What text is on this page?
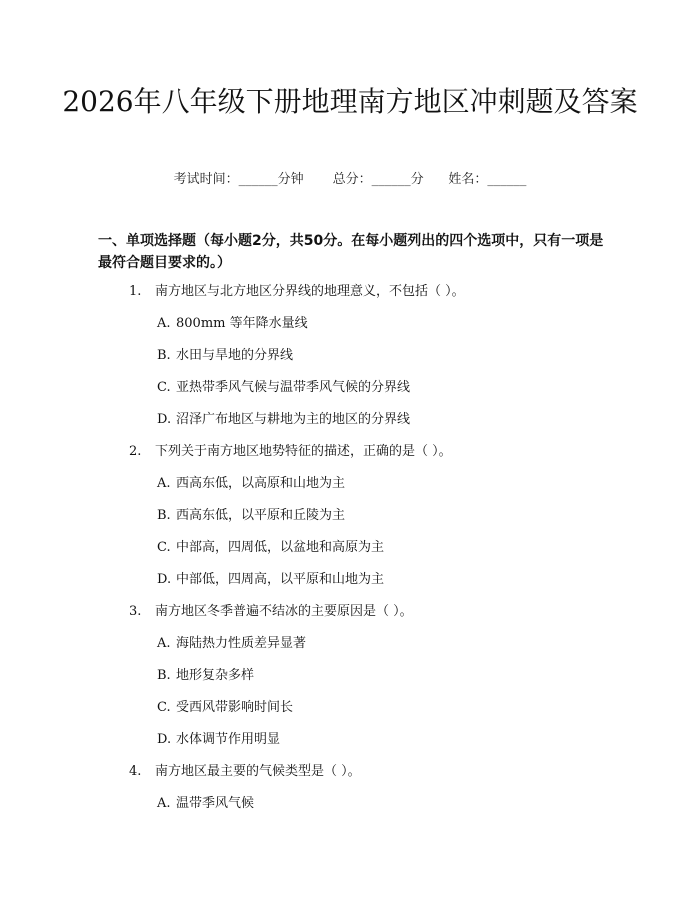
2026年八年级下册地理南方地区冲刺题及答案
考试时间：______分钟 总分：______分 姓名：______
一、单项选择题（每小题2分，共50分。在每小题列出的四个选项中，只有一项是最符合题目要求的。）
1. 南方地区与北方地区分界线的地理意义，不包括（ ）。
A. 800mm 等年降水量线
B. 水田与旱地的分界线
C. 亚热带季风气候与温带季风气候的分界线
D. 沼泽广布地区与耕地为主的地区的分界线
2. 下列关于南方地区地势特征的描述，正确的是（ ）。
A. 西高东低，以高原和山地为主
B. 西高东低，以平原和丘陵为主
C. 中部高，四周低，以盆地和高原为主
D. 中部低，四周高，以平原和山地为主
3. 南方地区冬季普遍不结冰的主要原因是（ ）。
A. 海陆热力性质差异显著
B. 地形复杂多样
C. 受西风带影响时间长
D. 水体调节作用明显
4. 南方地区最主要的气候类型是（ ）。
A. 温带季风气候
